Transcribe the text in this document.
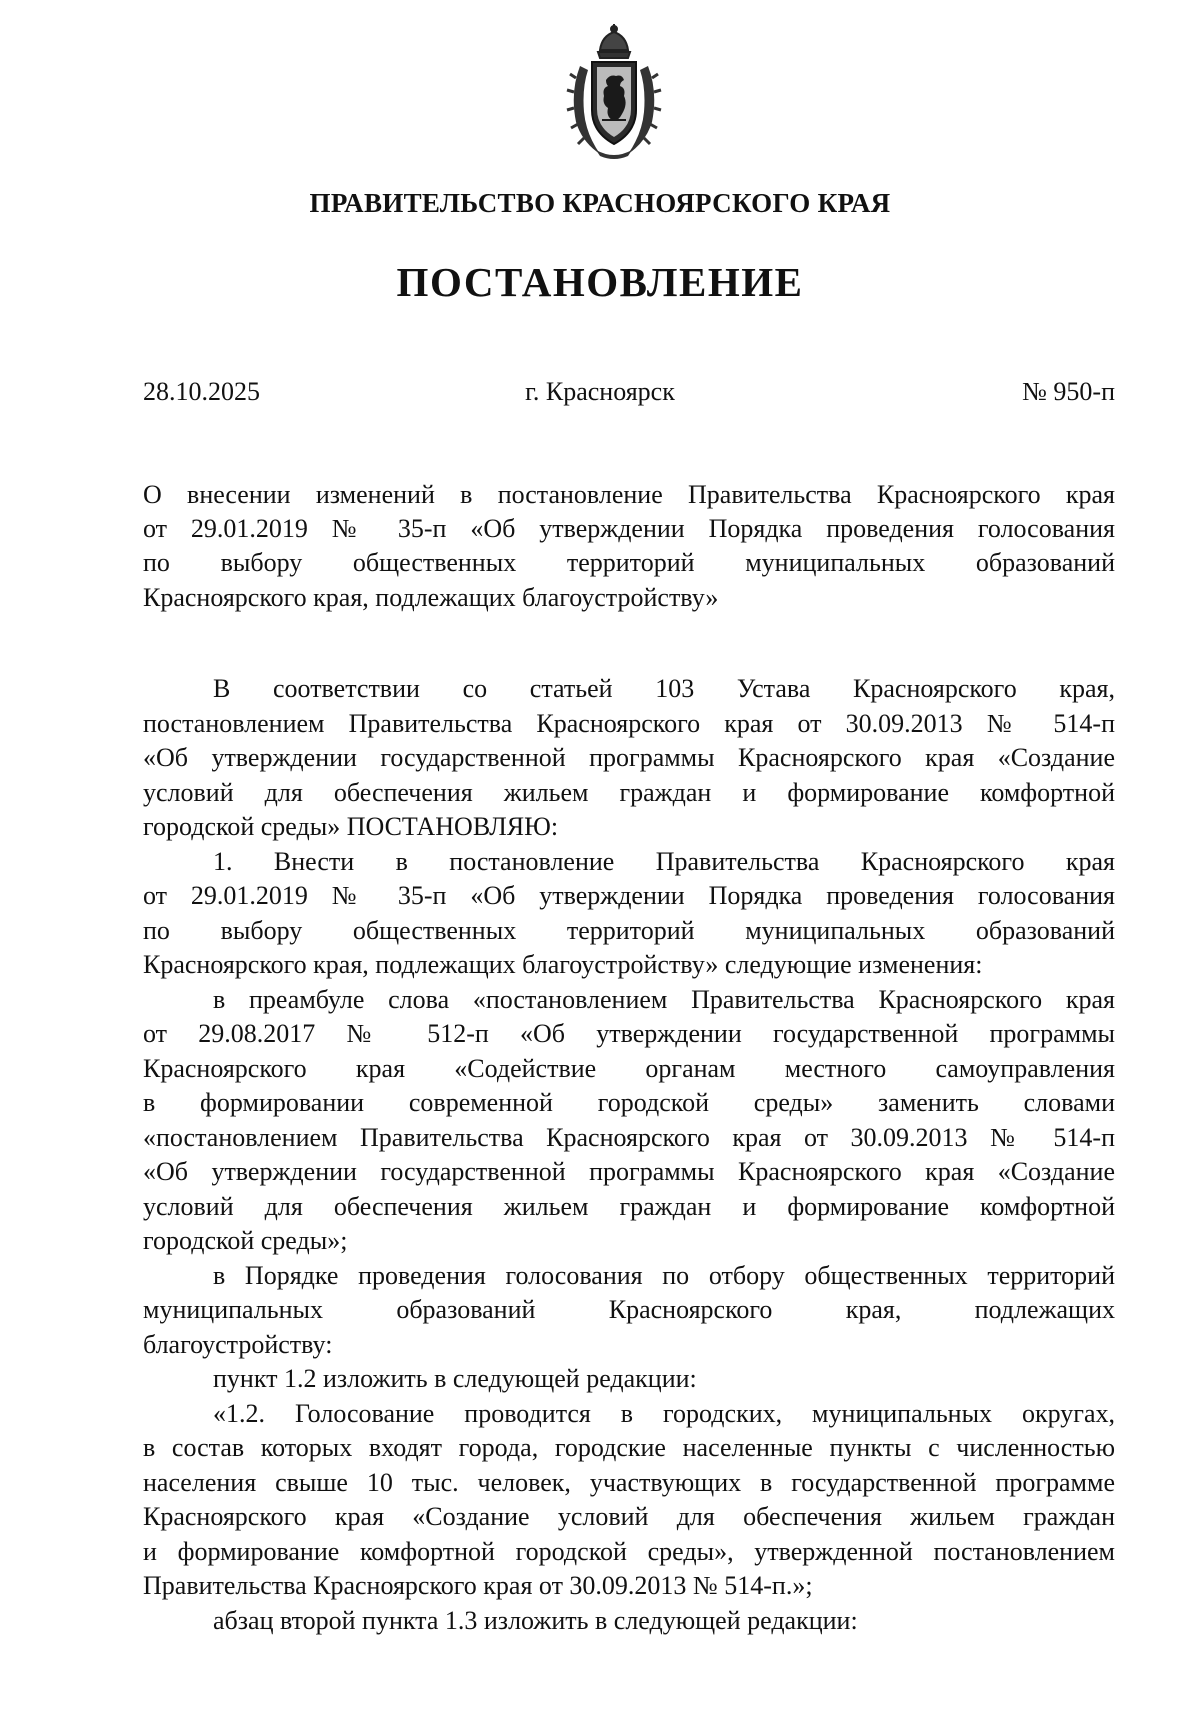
ПРАВИТЕЛЬСТВО КРАСНОЯРСКОГО КРАЯ
ПОСТАНОВЛЕНИЕ
28.10.2025	г. Красноярск	№ 950-п
О внесении изменений в постановление Правительства Красноярского края
от 29.01.2019 № 35-п «Об утверждении Порядка проведения голосования
по выбору общественных территорий муниципальных образований
Красноярского края, подлежащих благоустройству»
В соответствии со статьей 103 Устава Красноярского края,
постановлением Правительства Красноярского края от 30.09.2013 № 514-п
«Об утверждении государственной программы Красноярского края «Создание
условий для обеспечения жильем граждан и формирование комфортной
городской среды» ПОСТАНОВЛЯЮ:
1. Внести в постановление Правительства Красноярского края
от 29.01.2019 № 35-п «Об утверждении Порядка проведения голосования
по выбору общественных территорий муниципальных образований
Красноярского края, подлежащих благоустройству» следующие изменения:
в преамбуле слова «постановлением Правительства Красноярского края
от 29.08.2017 № 512-п «Об утверждении государственной программы
Красноярского края «Содействие органам местного самоуправления
в формировании современной городской среды» заменить словами
«постановлением Правительства Красноярского края от 30.09.2013 № 514-п
«Об утверждении государственной программы Красноярского края «Создание
условий для обеспечения жильем граждан и формирование комфортной
городской среды»;
в Порядке проведения голосования по отбору общественных территорий
муниципальных образований Красноярского края, подлежащих
благоустройству:
пункт 1.2 изложить в следующей редакции:
«1.2. Голосование проводится в городских, муниципальных округах,
в состав которых входят города, городские населенные пункты с численностью
населения свыше 10 тыс. человек, участвующих в государственной программе
Красноярского края «Создание условий для обеспечения жильем граждан
и формирование комфортной городской среды», утвержденной постановлением
Правительства Красноярского края от 30.09.2013 № 514-п.»;
абзац второй пункта 1.3 изложить в следующей редакции:
